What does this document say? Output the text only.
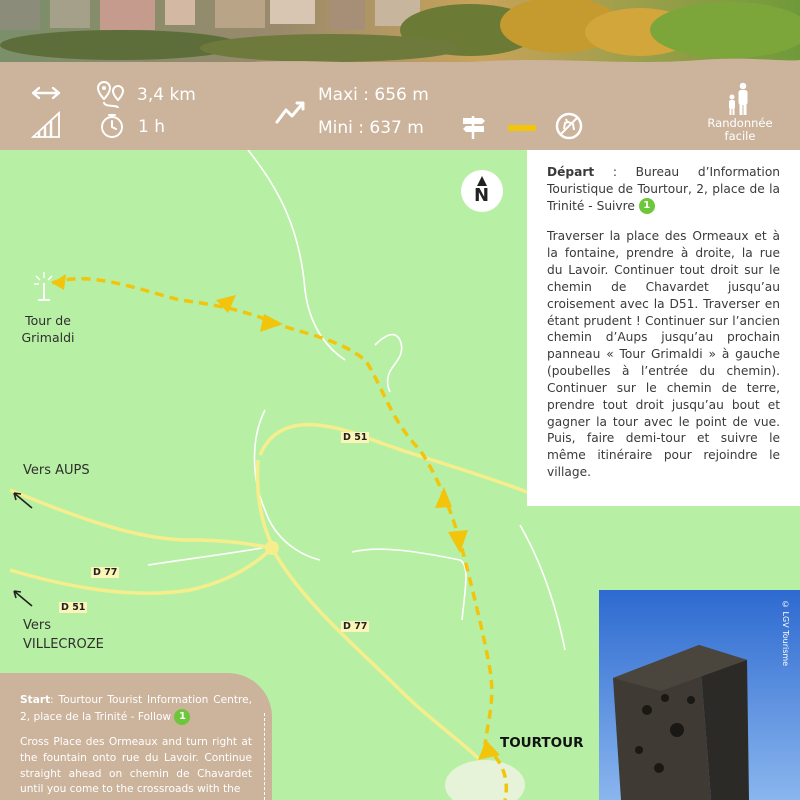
3,4 km
1 h
Maxi : 656 m
Mini : 637 m	Randonnée
facile
N
Tour de
Grimaldi
Vers AUPS
Vers
VILLECROZE
TOURTOUR
D 51
D 51
D 77
D 77

Départ : Bureau d’Information Touristique de Tourtour, 2, place de la Trinité - Suivre 1

Traverser la place des Ormeaux et à la fontaine, prendre à droite, la rue du Lavoir. Continuer tout droit sur le chemin de Chavardet jusqu’au croisement avec la D51. Traverser en étant prudent ! Continuer sur l’ancien chemin d’Aups jusqu’au prochain panneau « Tour Grimaldi » à gauche (poubelles à l’entrée du chemin). Continuer sur le chemin de terre, prendre tout droit jusqu’au bout et gagner la tour avec le point de vue. Puis, faire demi-tour et suivre le même itinéraire pour rejoindre le village.

Start: Tourtour Tourist Information Centre, 2, place de la Trinité - Follow 1

Cross Place des Ormeaux and turn right at the fountain onto rue du Lavoir. Continue straight ahead on chemin de Chavardet until you come to the crossroads with the

© LGV Tourisme
